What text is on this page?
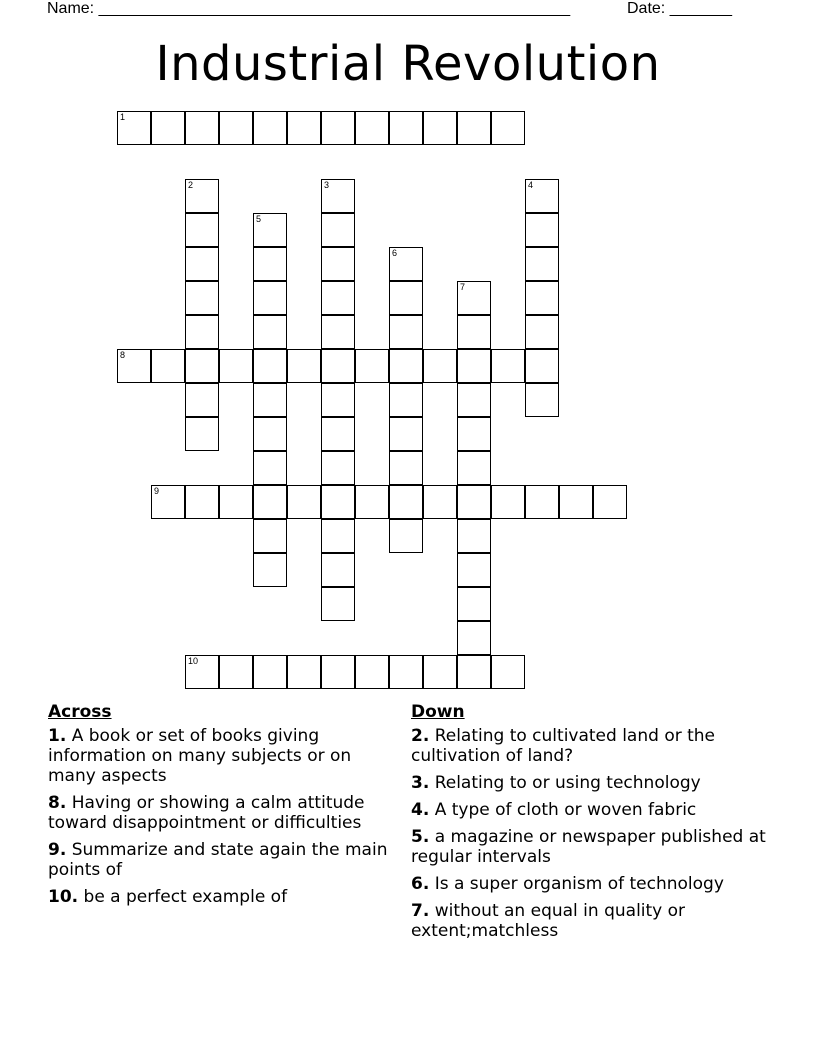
Name: _____________________________________________________	Date: _______
Industrial Revolution
1
2	3	4
5
6
7
8
9
10
Across
1. A book or set of books giving information on many subjects or on many aspects
8. Having or showing a calm attitude toward disappointment or difficulties
9. Summarize and state again the main points of
10. be a perfect example of
Down
2. Relating to cultivated land or the cultivation of land?
3. Relating to or using technology
4. A type of cloth or woven fabric
5. a magazine or newspaper published at regular intervals
6. Is a super organism of technology
7. without an equal in quality or extent;matchless
